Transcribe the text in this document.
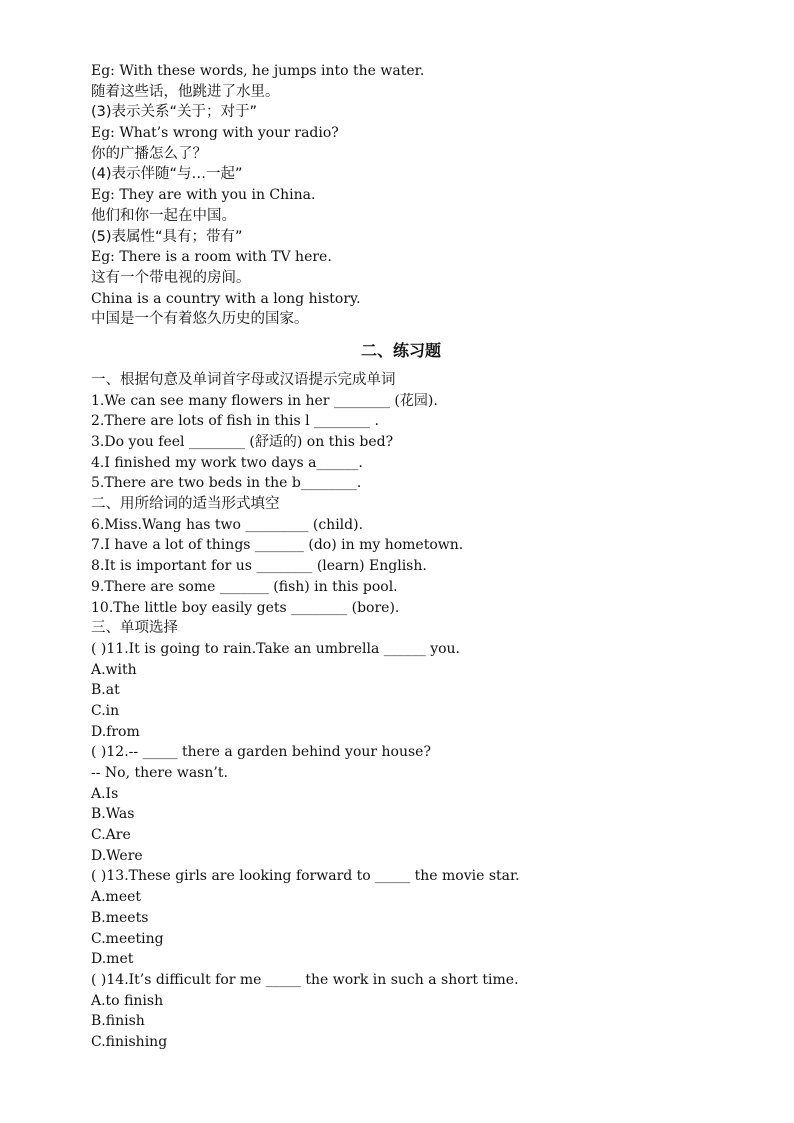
Eg: With these words, he jumps into the water.
随着这些话，他跳进了水里。
(3)表示关系“关于；对于”
Eg: What’s wrong with your radio?
你的广播怎么了？
(4)表示伴随“与…一起”
Eg: They are with you in China.
他们和你一起在中国。
(5)表属性“具有；带有”
Eg: There is a room with TV here.
这有一个带电视的房间。
China is a country with a long history.
中国是一个有着悠久历史的国家。
二、练习题
一、根据句意及单词首字母或汉语提示完成单词
1.We can see many flowers in her ________ (花园).
2.There are lots of fish in this l ________ .
3.Do you feel ________ (舒适的) on this bed?
4.I finished my work two days a______.
5.There are two beds in the b________.
二、用所给词的适当形式填空
6.Miss.Wang has two _________ (child).
7.I have a lot of things _______ (do) in my hometown.
8.It is important for us ________ (learn) English.
9.There are some _______ (fish) in this pool.
10.The little boy easily gets ________ (bore).
三、单项选择
( )11.It is going to rain.Take an umbrella ______ you.
A.with
B.at
C.in
D.from
( )12.-- _____ there a garden behind your house?
-- No, there wasn’t.
A.Is
B.Was
C.Are
D.Were
( )13.These girls are looking forward to _____ the movie star.
A.meet
B.meets
C.meeting
D.met
( )14.It’s difficult for me _____ the work in such a short time.
A.to finish
B.finish
C.finishing
